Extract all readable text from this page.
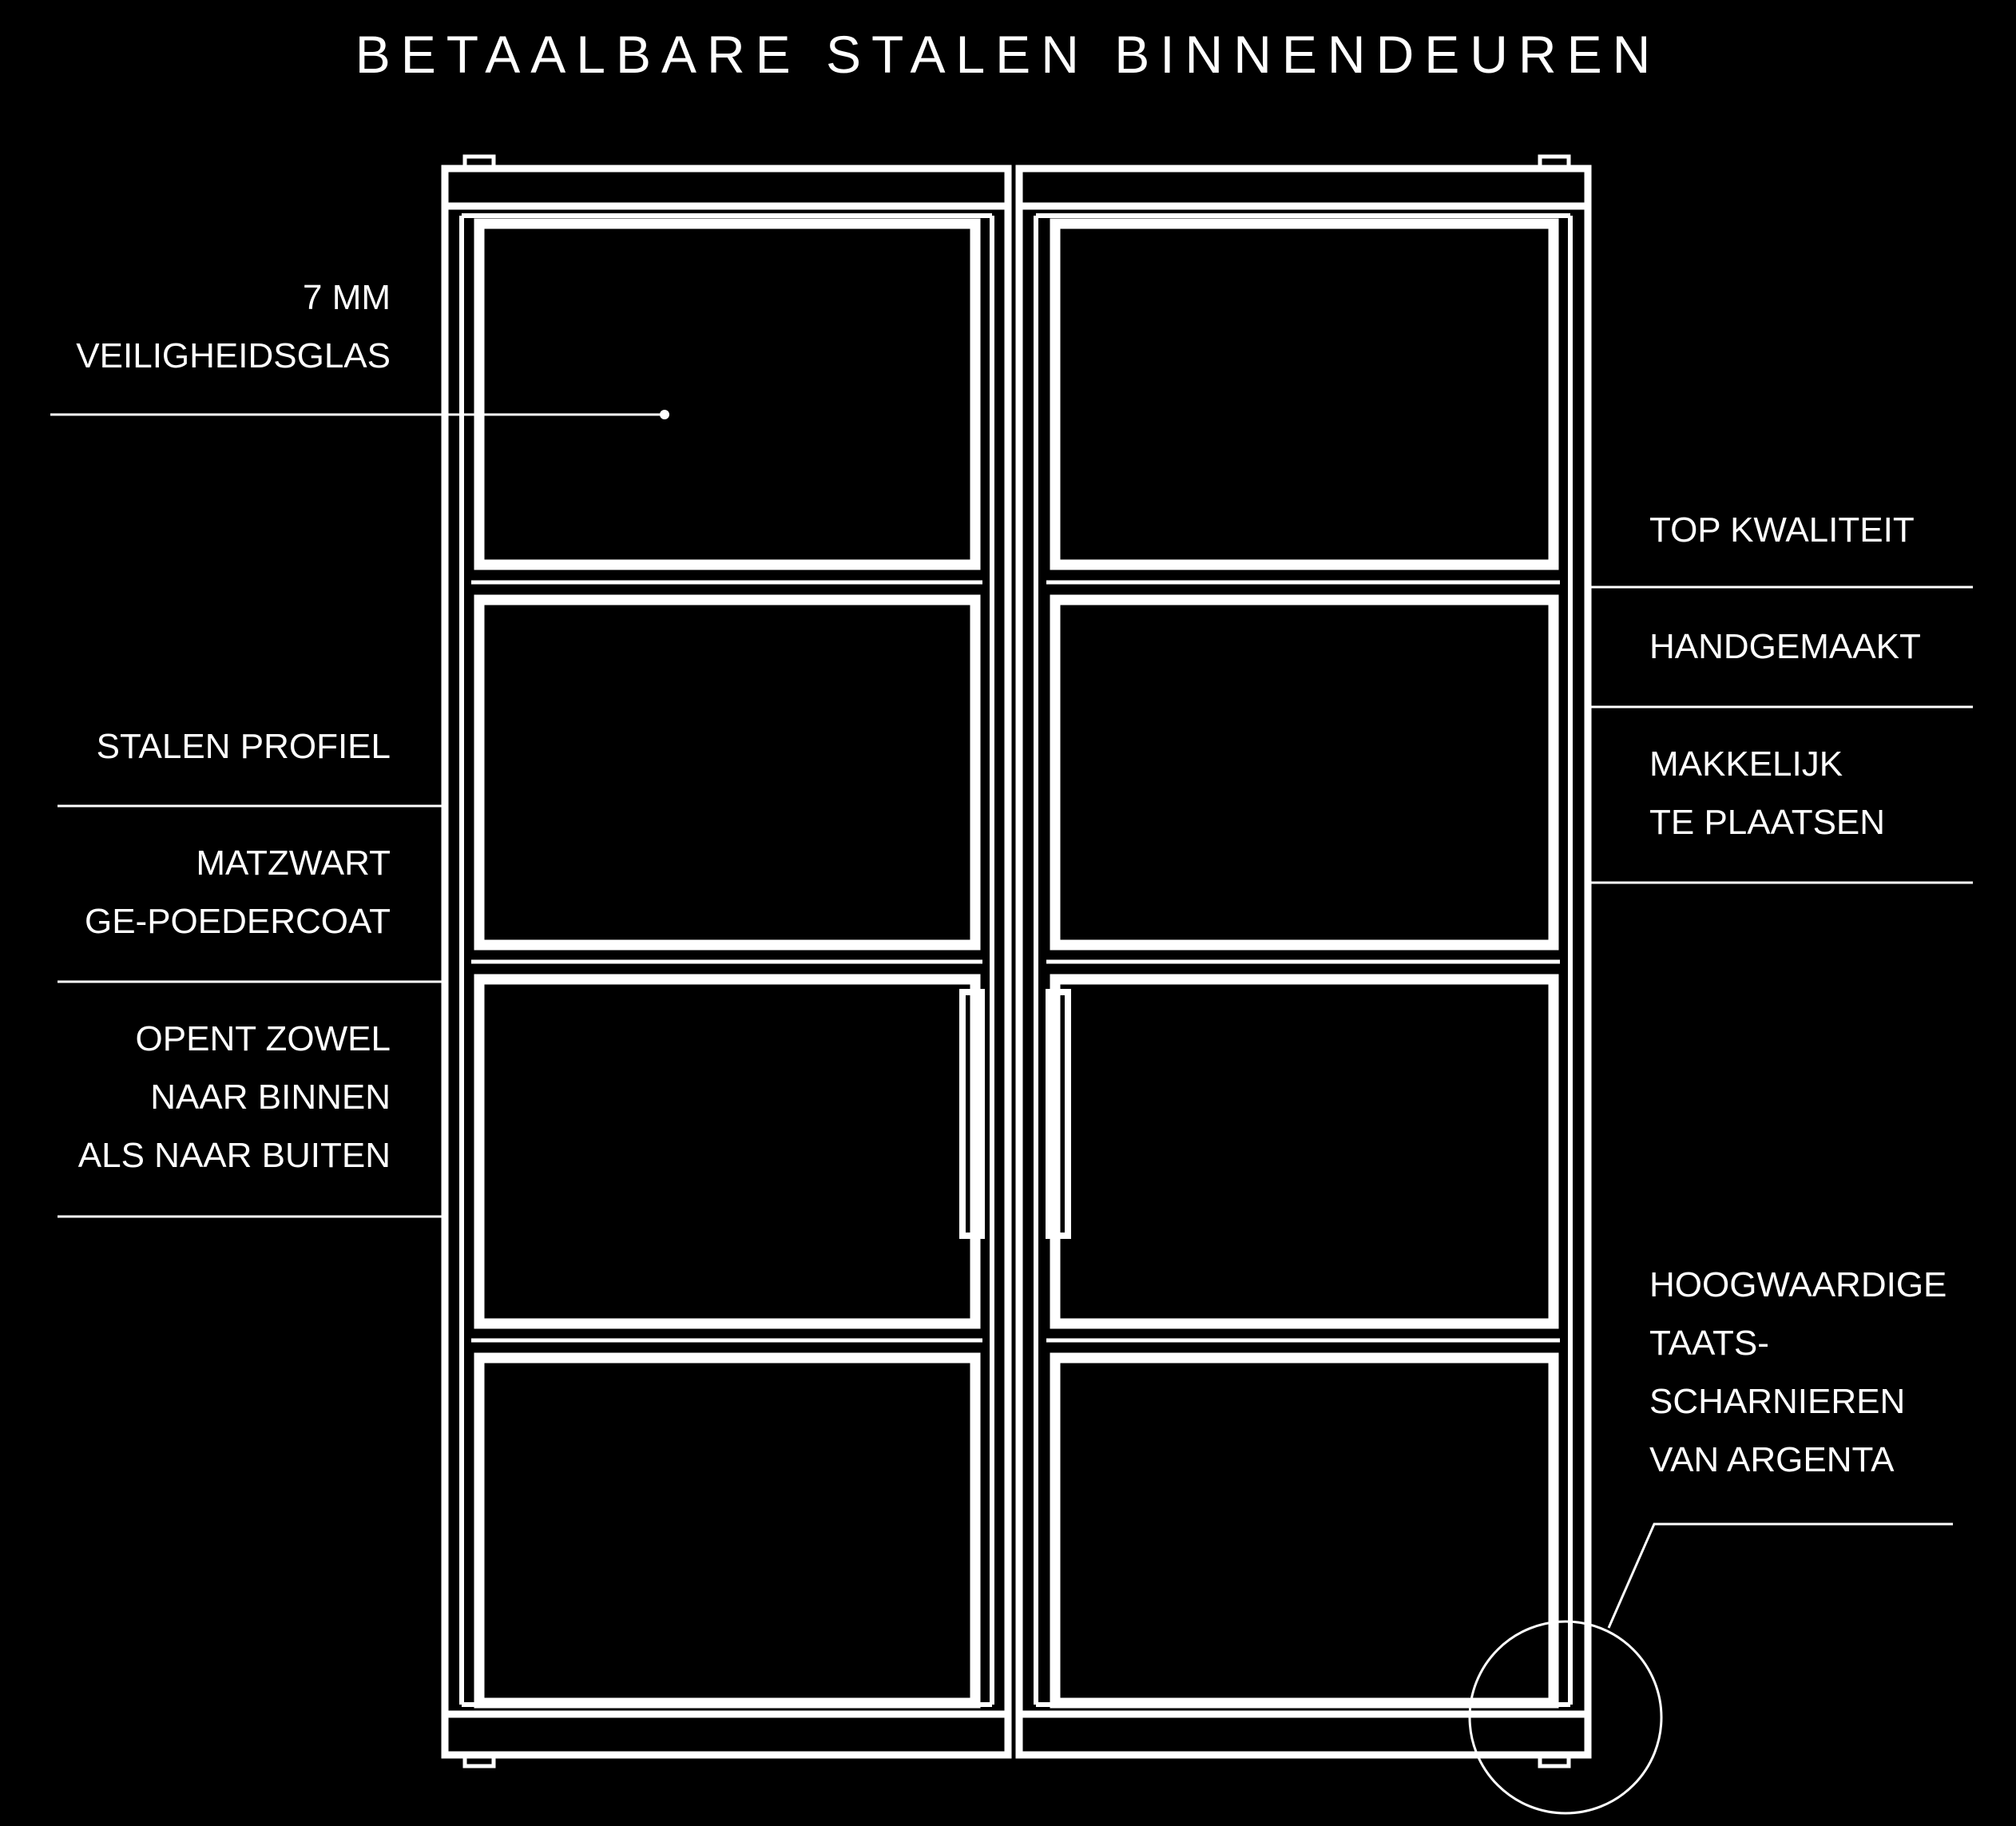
BETAALBARE STALEN BINNENDEUREN
7 MM
VEILIGHEIDSGLAS
STALEN PROFIEL
MATZWART
GE-POEDERCOAT
OPENT ZOWEL
NAAR BINNEN
ALS NAAR BUITEN
TOP KWALITEIT
HANDGEMAAKT
MAKKELIJK
TE PLAATSEN
HOOGWAARDIGE
TAATS-
SCHARNIEREN
VAN ARGENTA
